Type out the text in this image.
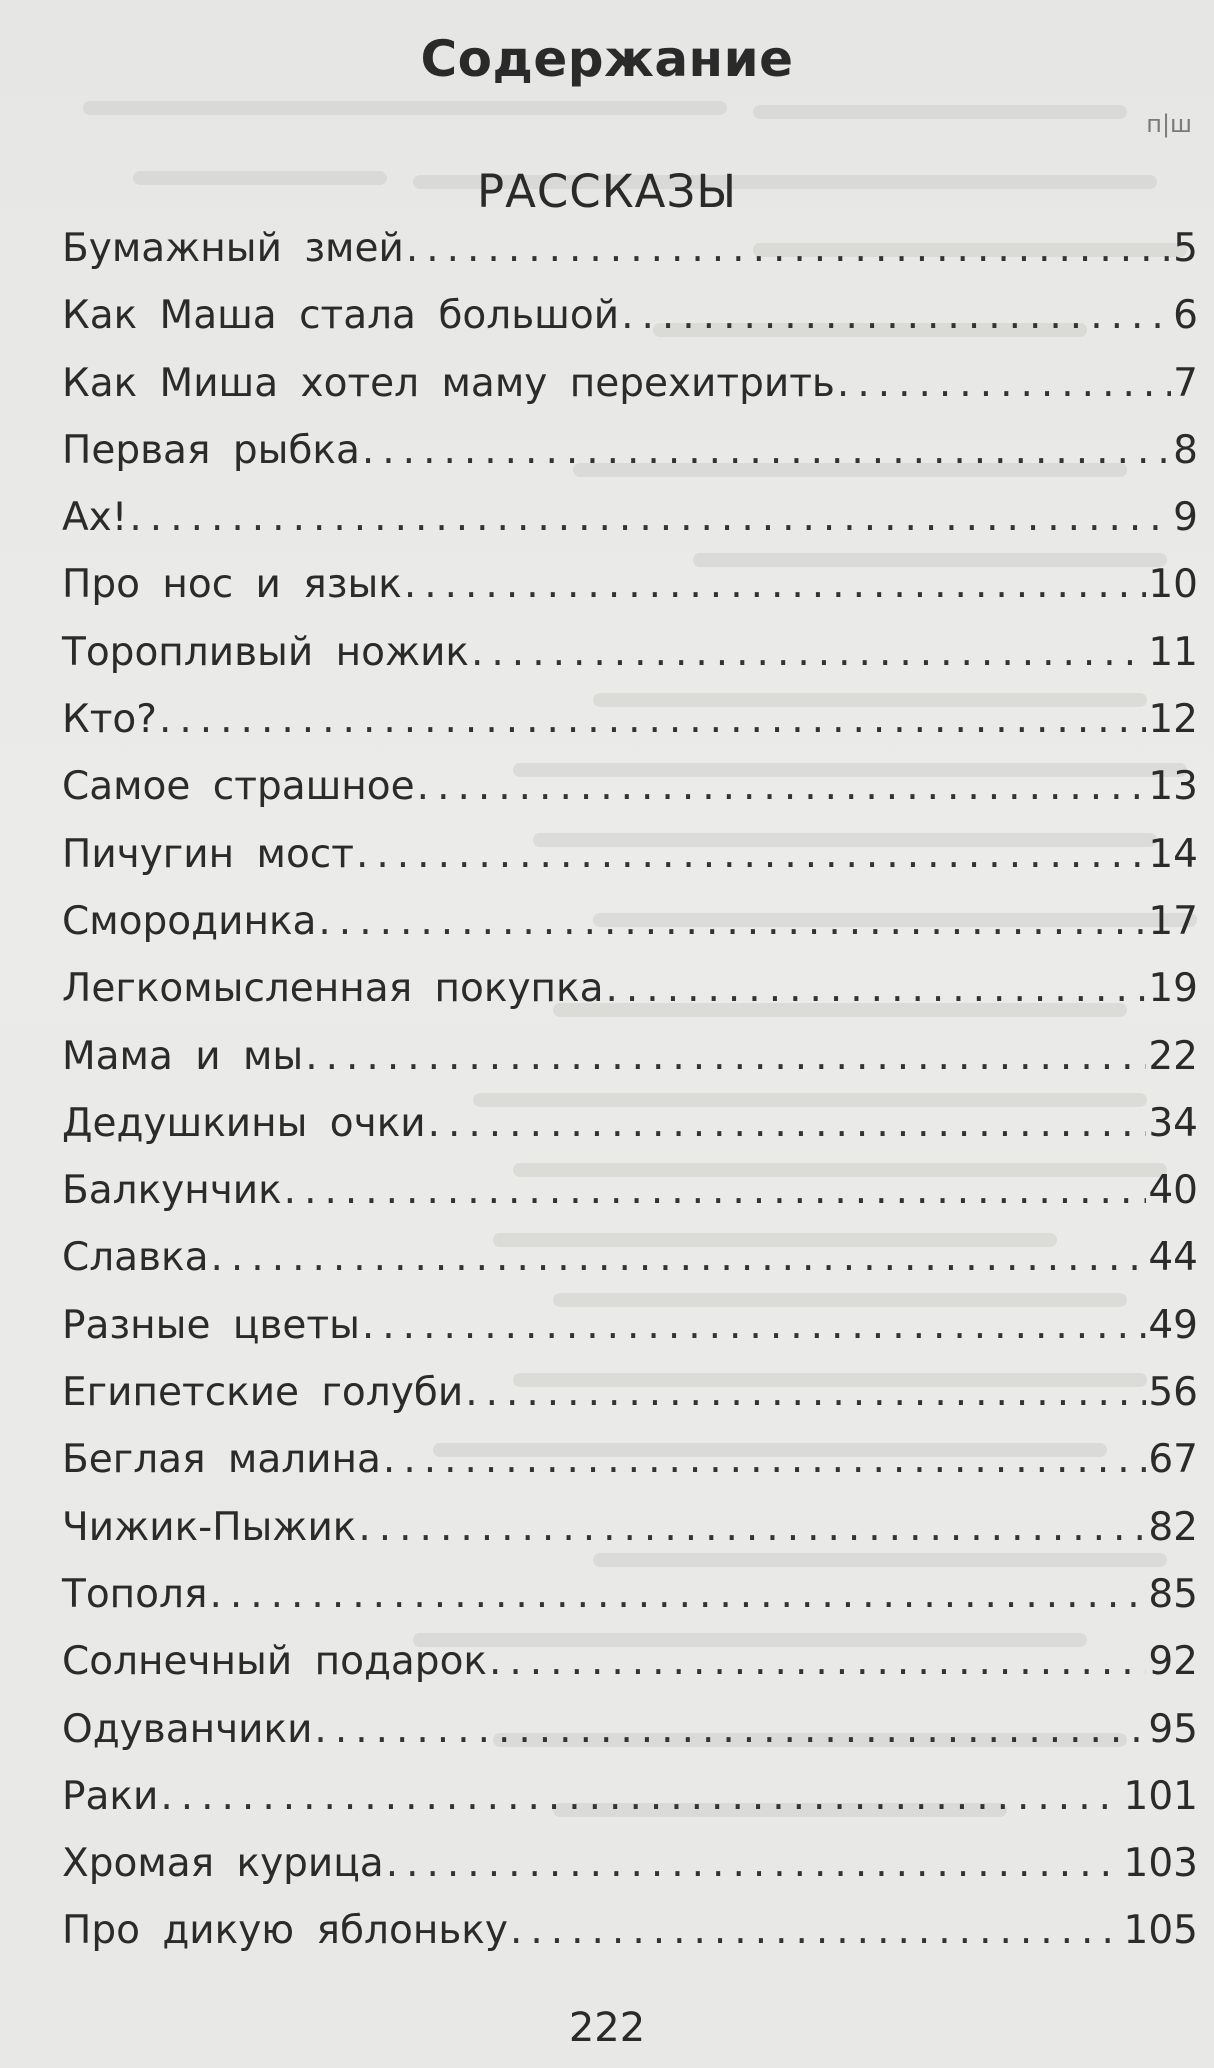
Содержание
п|ш
РАССКАЗЫ
Бумажный змей .....	5
Как Маша стала большой .....	6
Как Миша хотел маму перехитрить .....	7
Первая рыбка .....	8
Ах! .....	9
Про нос и язык .....	10
Торопливый ножик .....	11
Кто? .....	12
Самое страшное .....	13
Пичугин мост .....	14
Смородинка .....	17
Легкомысленная покупка .....	19
Мама и мы .....	22
Дедушкины очки .....	34
Балкунчик .....	40
Славка .....	44
Разные цветы .....	49
Египетские голуби .....	56
Беглая малина .....	67
Чижик-Пыжик .....	82
Тополя .....	85
Солнечный подарок .....	92
Одуванчики .....	95
Раки .....	101
Хромая курица .....	103
Про дикую яблоньку .....	105
222
